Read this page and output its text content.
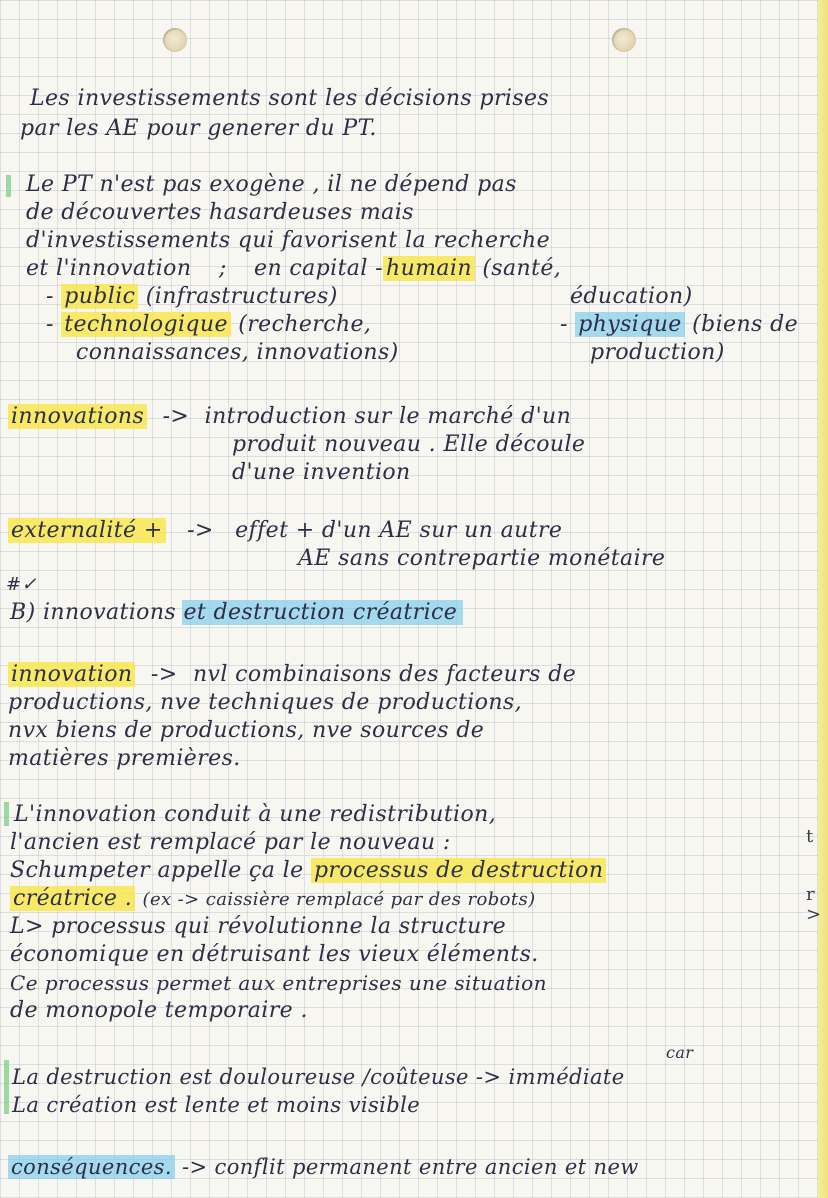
Les investissements sont les décisions prises
par les AE pour generer du PT.
Le PT n'est pas exogène , il ne dépend pas
de découvertes hasardeuses mais
d'investissements qui favorisent la recherche
et l'innovation ; en capital - humain (santé,
- public (infrastructures)	éducation)
- technologique (recherche,	- physique (biens de
connaissances, innovations)	production)
innovations -> introduction sur le marché d'un
produit nouveau . Elle découle
d'une invention
externalité + -> effet + d'un AE sur un autre
AE sans contrepartie monétaire
#✓
B) innovations et destruction créatrice
innovation -> nvl combinaisons des facteurs de
productions, nve techniques de productions,
nvx biens de productions, nve sources de
matières premières.
L'innovation conduit à une redistribution,
l'ancien est remplacé par le nouveau :
Schumpeter appelle ça le processus de destruction
créatrice . (ex -> caissière remplacé par des robots)
L> processus qui révolutionne la structure
économique en détruisant les vieux éléments.
Ce processus permet aux entreprises une situation
de monopole temporaire .
car
La destruction est douloureuse /coûteuse -> immédiate
La création est lente et moins visible
conséquences. -> conflit permanent entre ancien et new
t
r
>
